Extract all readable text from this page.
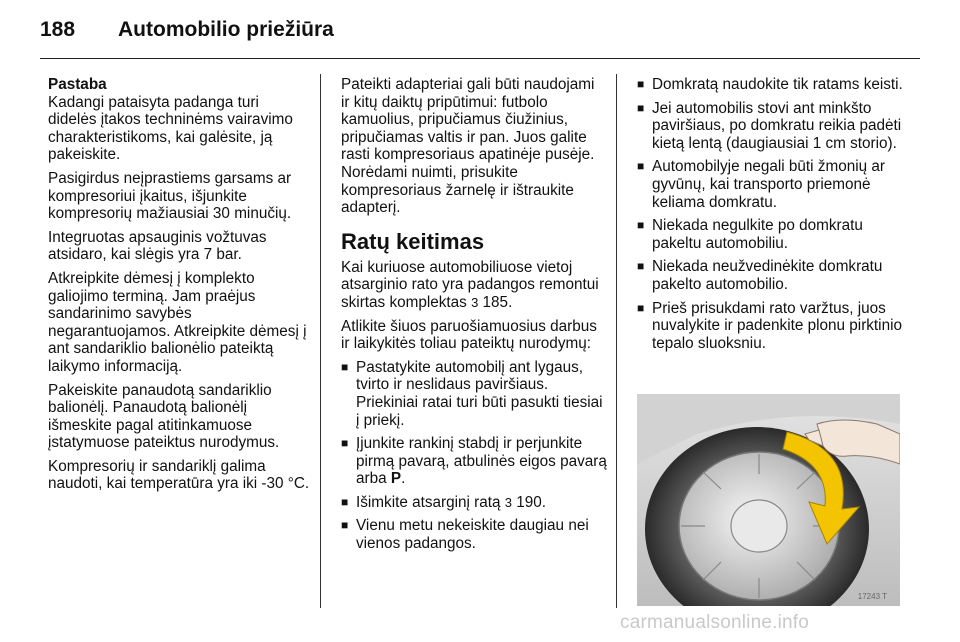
188	Automobilio priežiūra

Pastaba

Kadangi pataisyta padanga turi didelės įtakos techninėms vairavimo charakteristikoms, kai galėsite, ją pakeiskite.

Pasigirdus neįprastiems garsams ar kompresoriui įkaitus, išjunkite kompresorių mažiausiai 30 minučių.

Integruotas apsauginis vožtuvas atsidaro, kai slėgis yra 7 bar.

Atkreipkite dėmesį į komplekto galiojimo terminą. Jam praėjus sandarinimo savybės negarantuojamos. Atkreipkite dėmesį į ant sandariklio balionėlio pateiktą laikymo informaciją.

Pakeiskite panaudotą sandariklio balionėlį. Panaudotą balionėlį išmeskite pagal atitinkamuose įstatymuose pateiktus nurodymus.

Kompresorių ir sandariklį galima naudoti, kai temperatūra yra iki -30 °C.

Pateikti adapteriai gali būti naudojami ir kitų daiktų pripūtimui: futbolo kamuolius, pripučiamus čiužinius, pripučiamas valtis ir pan. Juos galite rasti kompresoriaus apatinėje pusėje. Norėdami nuimti, prisukite kompresoriaus žarnelę ir ištraukite adapterį.

Ratų keitimas

Kai kuriuose automobiliuose vietoj atsarginio rato yra padangos remontui skirtas komplektas 3 185.

Atlikite šiuos paruošiamuosius darbus ir laikykitės toliau pateiktų nurodymų:

■ Pastatykite automobilį ant lygaus, tvirto ir neslidaus paviršiaus. Priekiniai ratai turi būti pasukti tiesiai į priekį.
■ Įjunkite rankinį stabdį ir perjunkite pirmą pavarą, atbulinės eigos pavarą arba P.
■ Išimkite atsarginį ratą 3 190.
■ Vienu metu nekeiskite daugiau nei vienos padangos.
■ Domkratą naudokite tik ratams keisti.
■ Jei automobilis stovi ant minkšto paviršiaus, po domkratu reikia padėti kietą lentą (daugiausiai 1 cm storio).
■ Automobilyje negali būti žmonių ar gyvūnų, kai transporto priemonė keliama domkratu.
■ Niekada negulkite po domkratu pakeltu automobiliu.
■ Niekada neužvedinėkite domkratu pakelto automobilio.
■ Prieš prisukdami rato varžtus, juos nuvalykite ir padenkite plonu pirktinio tepalo sluoksniu.
17243 T
carmanualsonline.info
